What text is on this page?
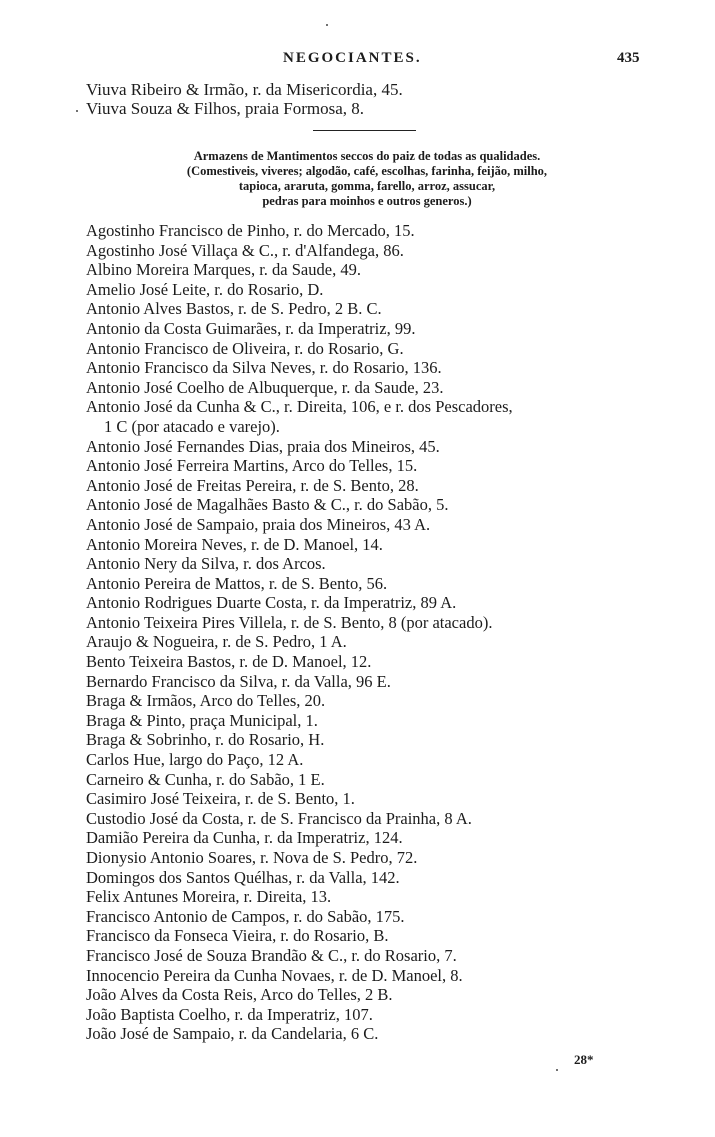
NEGOCIANTES.	435
Viuva Ribeiro & Irmão, r. da Misericordia, 45.
Viuva Souza & Filhos, praia Formosa, 8.
Armazens de Mantimentos seccos do paiz de todas as qualidades.
(Comestiveis, viveres; algodão, café, escolhas, farinha, feijão, milho,
tapioca, araruta, gomma, farello, arroz, assucar,
pedras para moinhos e outros generos.)
Agostinho Francisco de Pinho, r. do Mercado, 15.
Agostinho José Villaça & C., r. d'Alfandega, 86.
Albino Moreira Marques, r. da Saude, 49.
Amelio José Leite, r. do Rosario, D.
Antonio Alves Bastos, r. de S. Pedro, 2 B. C.
Antonio da Costa Guimarães, r. da Imperatriz, 99.
Antonio Francisco de Oliveira, r. do Rosario, G.
Antonio Francisco da Silva Neves, r. do Rosario, 136.
Antonio José Coelho de Albuquerque, r. da Saude, 23.
Antonio José da Cunha & C., r. Direita, 106, e r. dos Pescadores,
1 C (por atacado e varejo).
Antonio José Fernandes Dias, praia dos Mineiros, 45.
Antonio José Ferreira Martins, Arco do Telles, 15.
Antonio José de Freitas Pereira, r. de S. Bento, 28.
Antonio José de Magalhães Basto & C., r. do Sabão, 5.
Antonio José de Sampaio, praia dos Mineiros, 43 A.
Antonio Moreira Neves, r. de D. Manoel, 14.
Antonio Nery da Silva, r. dos Arcos.
Antonio Pereira de Mattos, r. de S. Bento, 56.
Antonio Rodrigues Duarte Costa, r. da Imperatriz, 89 A.
Antonio Teixeira Pires Villela, r. de S. Bento, 8 (por atacado).
Araujo & Nogueira, r. de S. Pedro, 1 A.
Bento Teixeira Bastos, r. de D. Manoel, 12.
Bernardo Francisco da Silva, r. da Valla, 96 E.
Braga & Irmãos, Arco do Telles, 20.
Braga & Pinto, praça Municipal, 1.
Braga & Sobrinho, r. do Rosario, H.
Carlos Hue, largo do Paço, 12 A.
Carneiro & Cunha, r. do Sabão, 1 E.
Casimiro José Teixeira, r. de S. Bento, 1.
Custodio José da Costa, r. de S. Francisco da Prainha, 8 A.
Damião Pereira da Cunha, r. da Imperatriz, 124.
Dionysio Antonio Soares, r. Nova de S. Pedro, 72.
Domingos dos Santos Quélhas, r. da Valla, 142.
Felix Antunes Moreira, r. Direita, 13.
Francisco Antonio de Campos, r. do Sabão, 175.
Francisco da Fonseca Vieira, r. do Rosario, B.
Francisco José de Souza Brandão & C., r. do Rosario, 7.
Innocencio Pereira da Cunha Novaes, r. de D. Manoel, 8.
João Alves da Costa Reis, Arco do Telles, 2 B.
João Baptista Coelho, r. da Imperatriz, 107.
João José de Sampaio, r. da Candelaria, 6 C.
28*
